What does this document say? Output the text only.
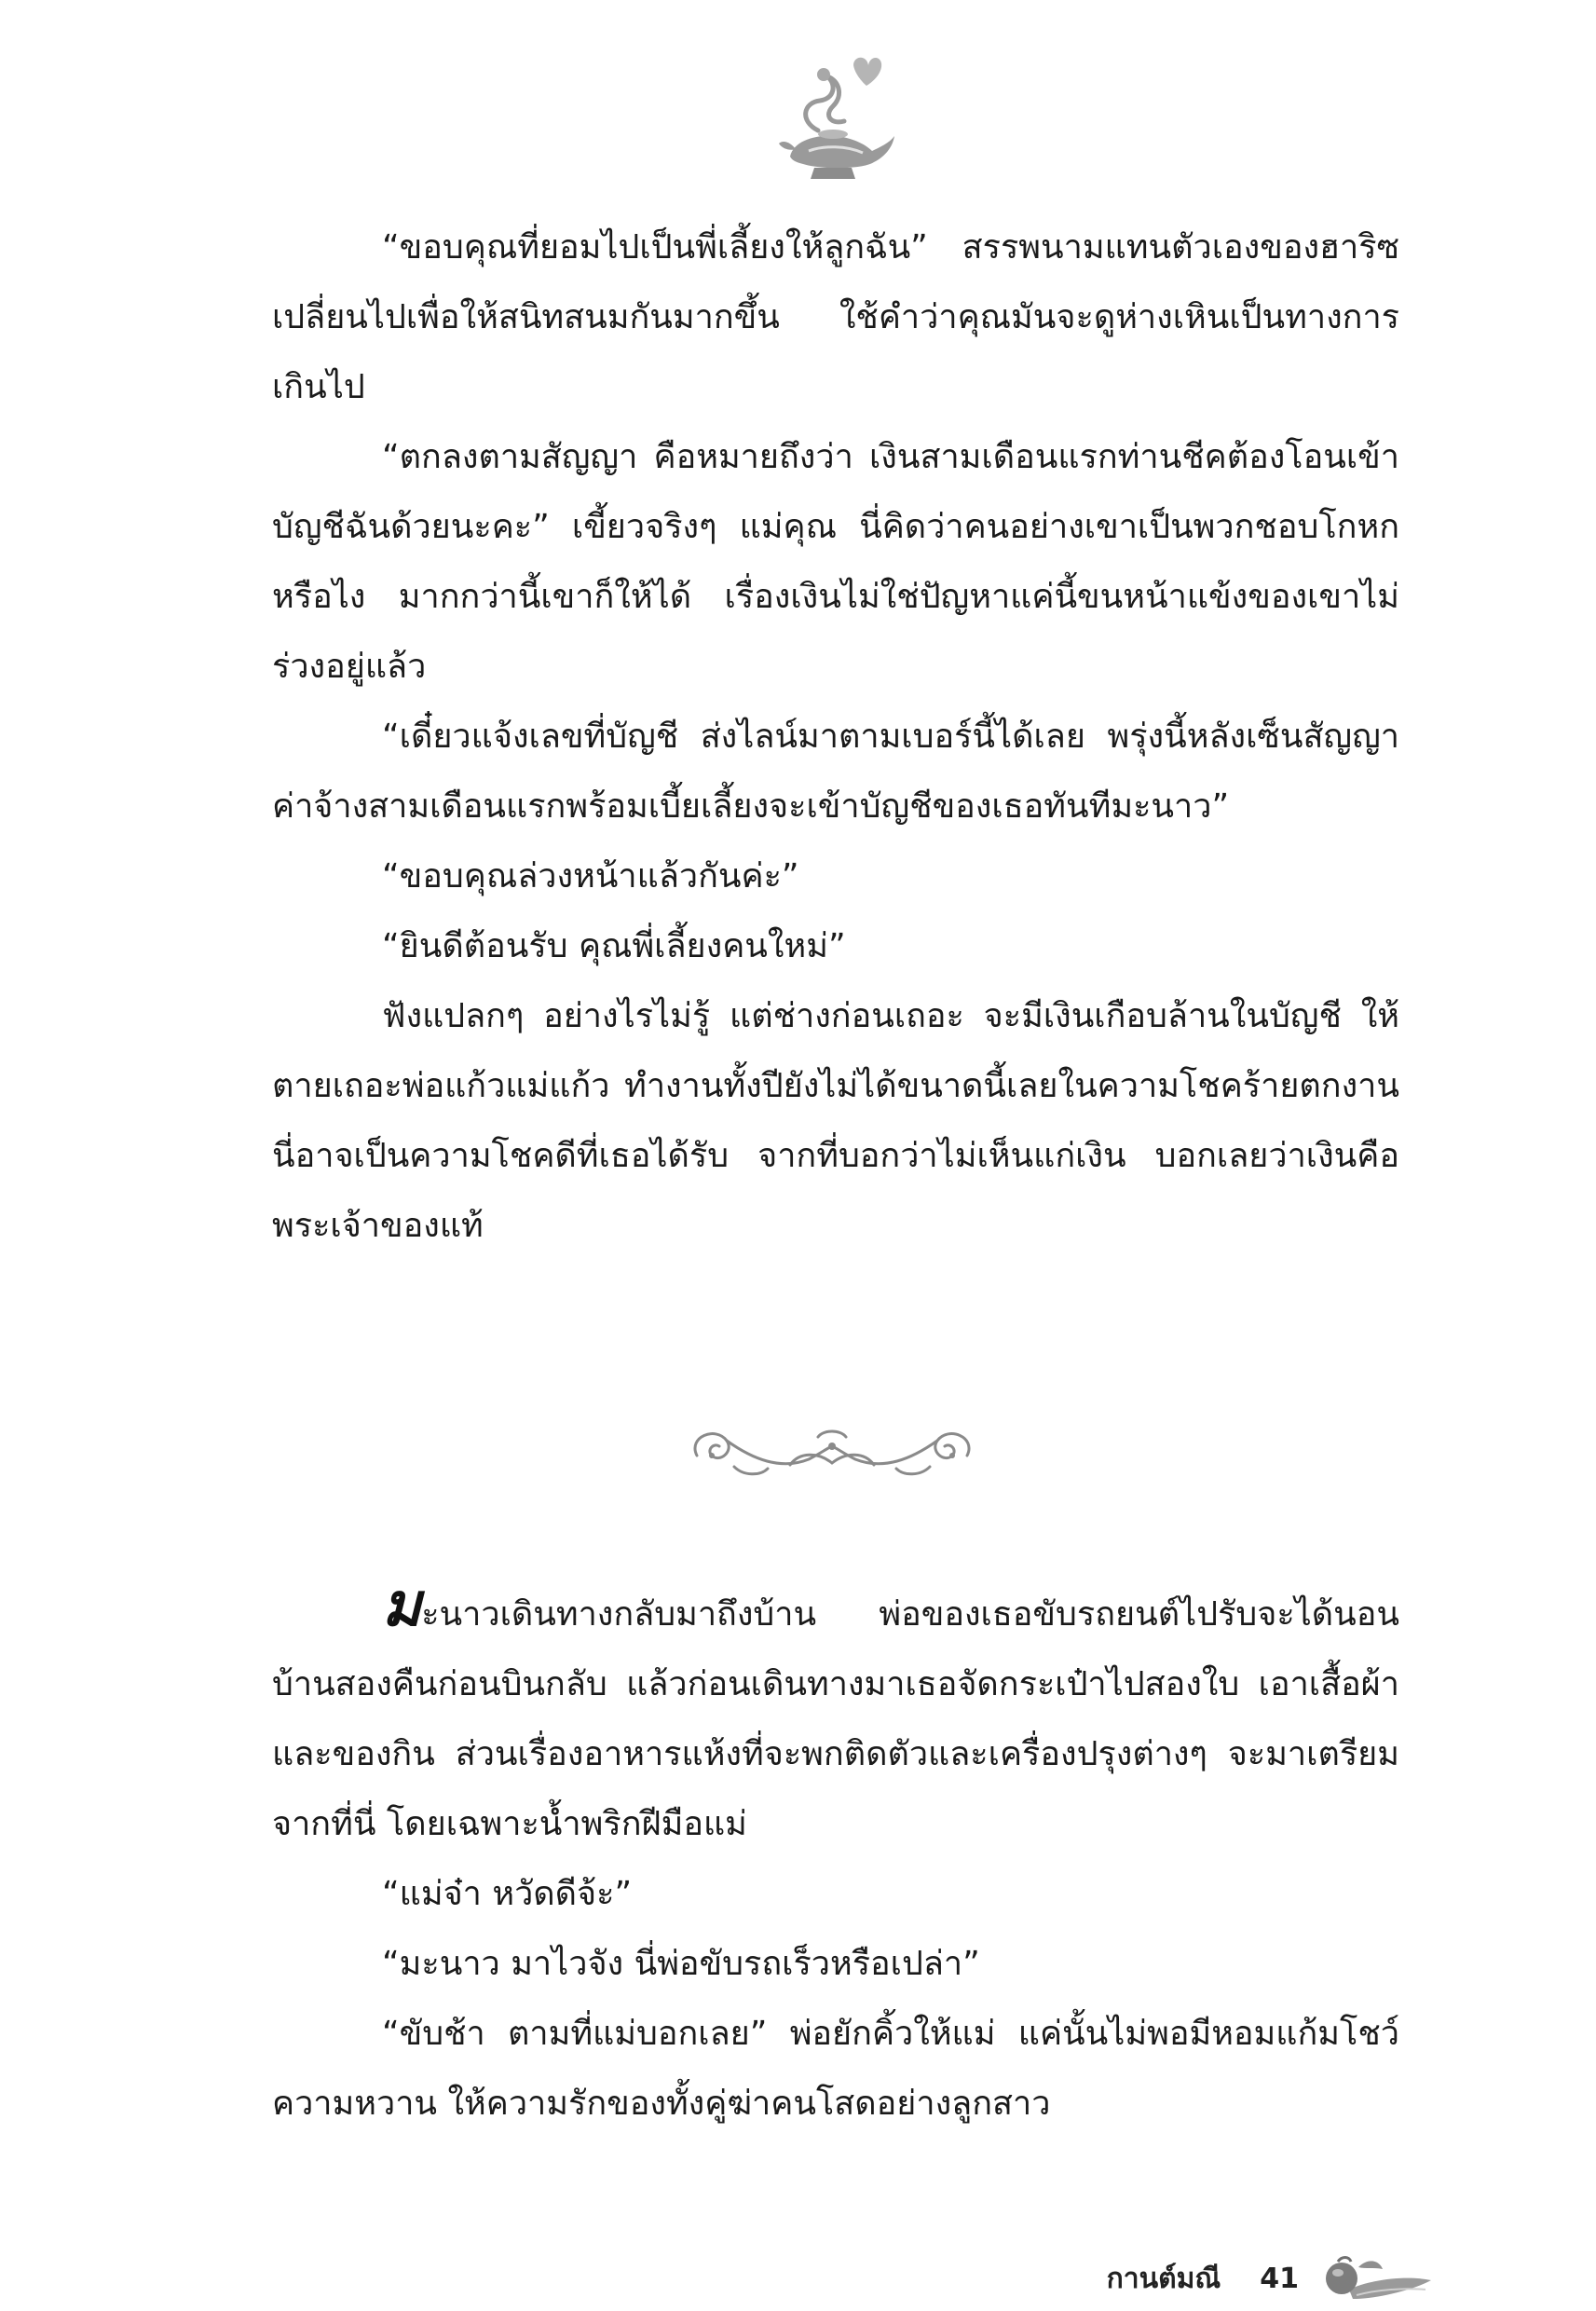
“ขอบคุณที่ยอมไปเป็นพี่เลี้ยงให้ลูกฉัน” สรรพนามแทนตัวเองของฮาริซเปลี่ยนไปเพื่อให้สนิทสนมกันมากขึ้น ใช้คำว่าคุณมันจะดูห่างเหินเป็นทางการเกินไป

“ตกลงตามสัญญา คือหมายถึงว่า เงินสามเดือนแรกท่านชีคต้องโอนเข้าบัญชีฉันด้วยนะคะ” เขี้ยวจริงๆ แม่คุณ นี่คิดว่าคนอย่างเขาเป็นพวกชอบโกหกหรือไง มากกว่านี้เขาก็ให้ได้ เรื่องเงินไม่ใช่ปัญหาแค่นี้ขนหน้าแข้งของเขาไม่ร่วงอยู่แล้ว

“เดี๋ยวแจ้งเลขที่บัญชี ส่งไลน์มาตามเบอร์นี้ได้เลย พรุ่งนี้หลังเซ็นสัญญา ค่าจ้างสามเดือนแรกพร้อมเบี้ยเลี้ยงจะเข้าบัญชีของเธอทันทีมะนาว”

“ขอบคุณล่วงหน้าแล้วกันค่ะ”

“ยินดีต้อนรับ คุณพี่เลี้ยงคนใหม่”

ฟังแปลกๆ อย่างไรไม่รู้ แต่ช่างก่อนเถอะ จะมีเงินเกือบล้านในบัญชี ให้ตายเถอะพ่อแก้วแม่แก้ว ทำงานทั้งปียังไม่ได้ขนาดนี้เลยในความโชคร้ายตกงาน นี่อาจเป็นความโชคดีที่เธอได้รับ จากที่บอกว่าไม่เห็นแก่เงิน บอกเลยว่าเงินคือพระเจ้าของแท้

มะนาวเดินทางกลับมาถึงบ้าน พ่อของเธอขับรถยนต์ไปรับจะได้นอนบ้านสองคืนก่อนบินกลับ แล้วก่อนเดินทางมาเธอจัดกระเป๋าไปสองใบ เอาเสื้อผ้าและของกิน ส่วนเรื่องอาหารแห้งที่จะพกติดตัวและเครื่องปรุงต่างๆ จะมาเตรียมจากที่นี่ โดยเฉพาะน้ำพริกฝีมือแม่

“แม่จ๋า หวัดดีจ้ะ”

“มะนาว มาไวจัง นี่พ่อขับรถเร็วหรือเปล่า”

“ขับช้า ตามที่แม่บอกเลย” พ่อยักคิ้วให้แม่ แค่นั้นไม่พอมีหอมแก้มโชว์ความหวาน ให้ความรักของทั้งคู่ฆ่าคนโสดอย่างลูกสาว

กานต์มณี 41
